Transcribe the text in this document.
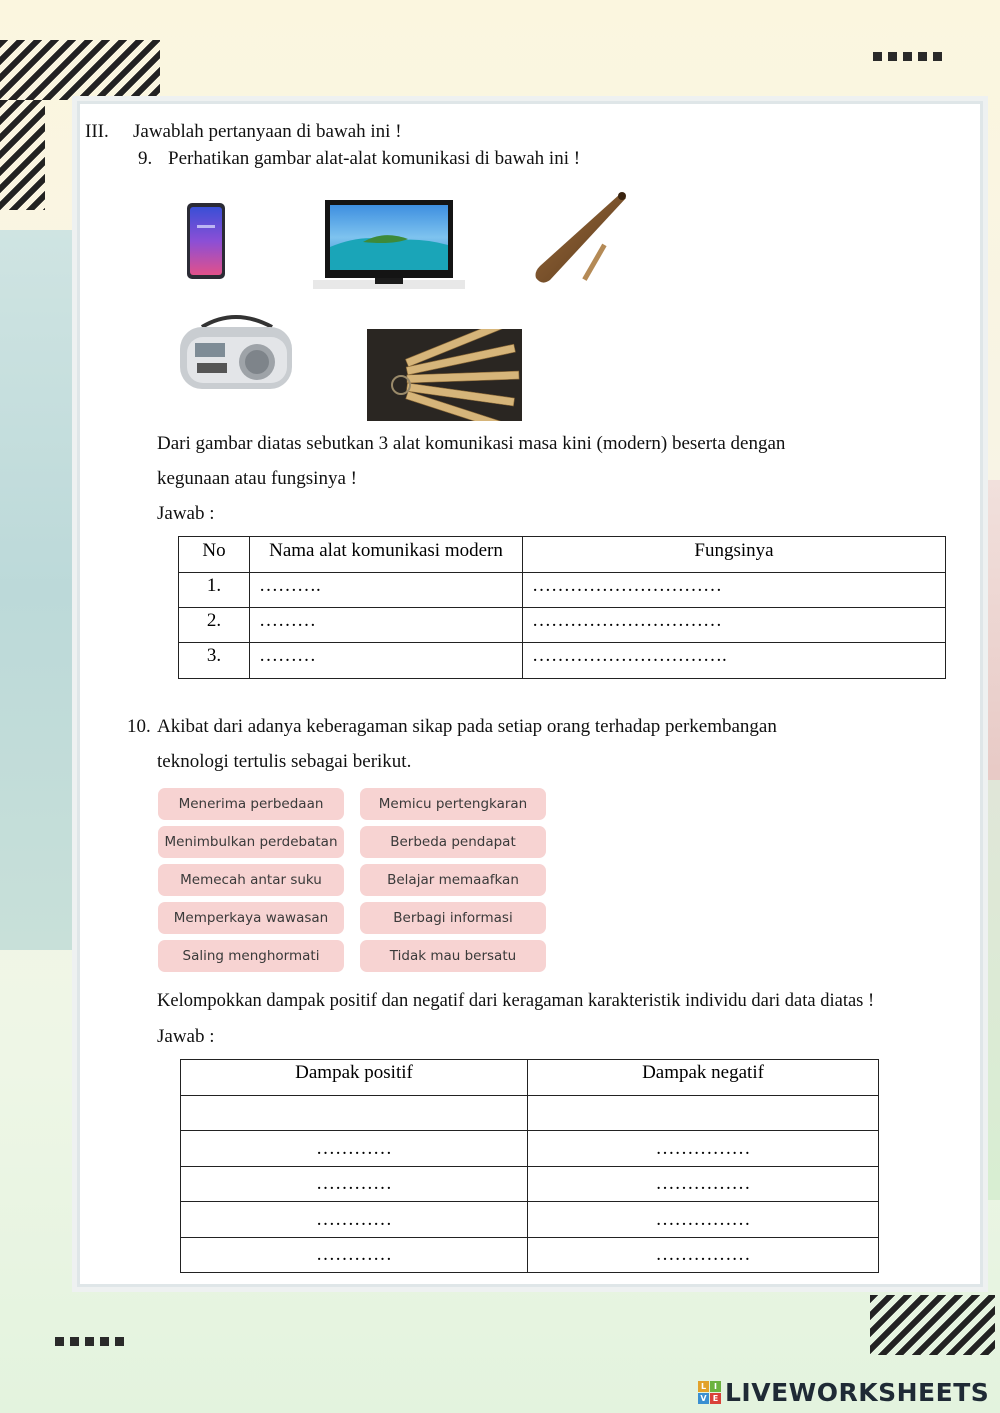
III. Jawablah pertanyaan di bawah ini !
9. Perhatikan gambar alat-alat komunikasi di bawah ini !
Dari gambar diatas sebutkan 3 alat komunikasi masa kini (modern) beserta dengan
kegunaan atau fungsinya !
Jawab :
No	Nama alat komunikasi modern	Fungsinya
1.	……….	…………………………
2.	………	…………………………
3.	………	………………………….
10. Akibat dari adanya keberagaman sikap pada setiap orang terhadap perkembangan
teknologi tertulis sebagai berikut.
Menerima perbedaan
Menimbulkan perdebatan
Memecah antar suku
Memperkaya wawasan
Saling menghormati
Memicu pertengkaran
Berbeda pendapat
Belajar memaafkan
Berbagi informasi
Tidak mau bersatu
Kelompokkan dampak positif dan negatif dari keragaman karakteristik individu dari data diatas !
Jawab :
Dampak positif	Dampak negatif

…………	……………
…………	……………
…………	……………
…………	……………
L I
V E LIVEWORKSHEETS
